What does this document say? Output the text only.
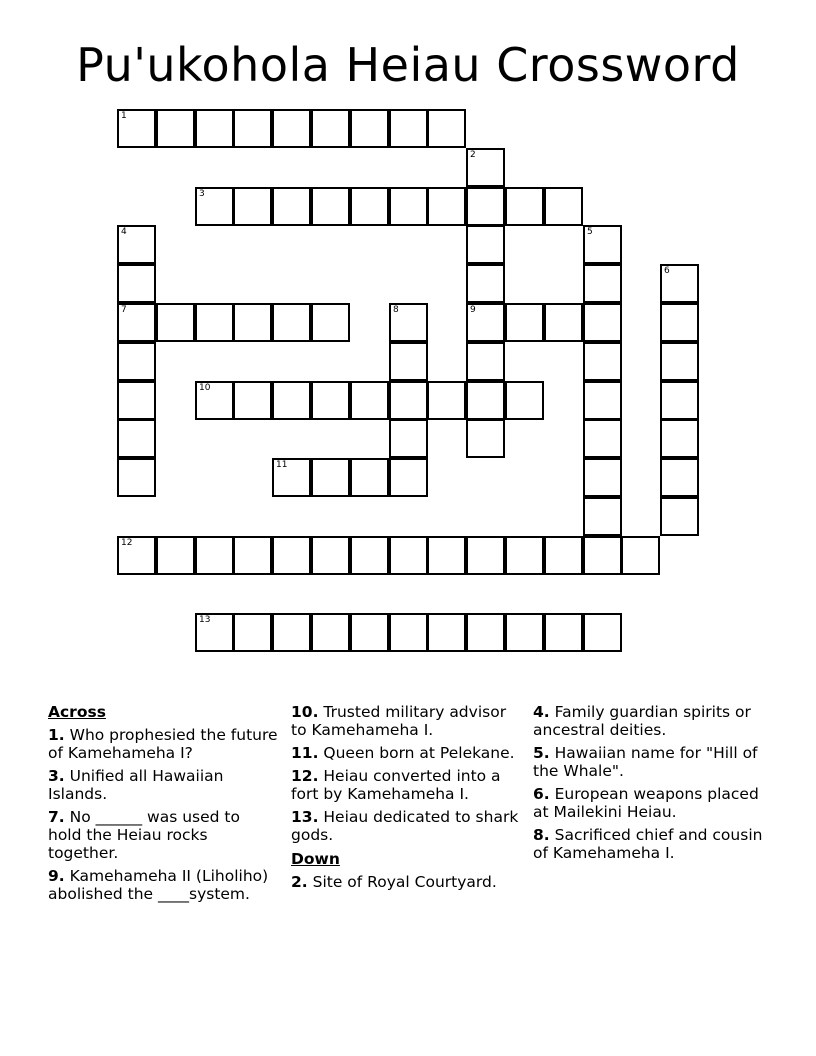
Pu'ukohola Heiau Crossword
1
2
3
4	5
6
7	8	9
10
11
12
13
Across
1. Who prophesied the future of Kamehameha I?
3. Unified all Hawaiian Islands.
7. No ______ was used to hold the Heiau rocks together.
9. Kamehameha II (Liholiho) abolished the ____system.
10. Trusted military advisor to Kamehameha I.
11. Queen born at Pelekane.
12. Heiau converted into a fort by Kamehameha I.
13. Heiau dedicated to shark gods.
Down
2. Site of Royal Courtyard.
4. Family guardian spirits or ancestral deities.
5. Hawaiian name for "Hill of the Whale".
6. European weapons placed at Mailekini Heiau.
8. Sacrificed chief and cousin of Kamehameha I.
